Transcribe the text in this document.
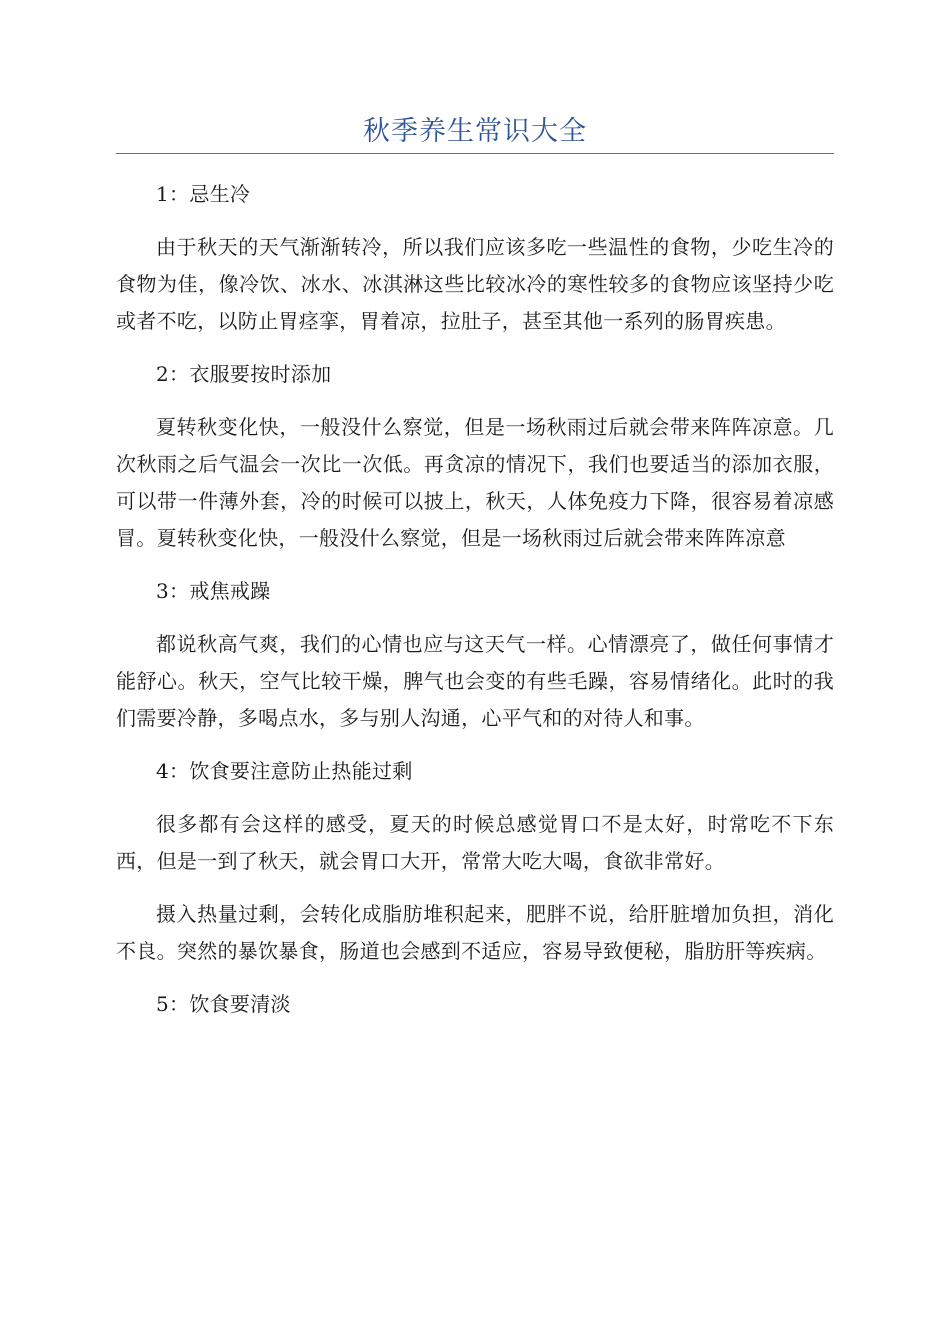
秋季养生常识大全

1：忌生冷

由于秋天的天气渐渐转冷，所以我们应该多吃一些温性的食物，少吃生冷的食物为佳，像冷饮、冰水、冰淇淋这些比较冰冷的寒性较多的食物应该坚持少吃或者不吃，以防止胃痉挛，胃着凉，拉肚子，甚至其他一系列的肠胃疾患。

2：衣服要按时添加

夏转秋变化快，一般没什么察觉，但是一场秋雨过后就会带来阵阵凉意。几次秋雨之后气温会一次比一次低。再贪凉的情况下，我们也要适当的添加衣服，可以带一件薄外套，冷的时候可以披上，秋天，人体免疫力下降，很容易着凉感冒。夏转秋变化快，一般没什么察觉，但是一场秋雨过后就会带来阵阵凉意

3：戒焦戒躁

都说秋高气爽，我们的心情也应与这天气一样。心情漂亮了，做任何事情才能舒心。秋天，空气比较干燥，脾气也会变的有些毛躁，容易情绪化。此时的我们需要冷静，多喝点水，多与别人沟通，心平气和的对待人和事。

4：饮食要注意防止热能过剩

很多都有会这样的感受，夏天的时候总感觉胃口不是太好，时常吃不下东西，但是一到了秋天，就会胃口大开，常常大吃大喝，食欲非常好。

摄入热量过剩，会转化成脂肪堆积起来，肥胖不说，给肝脏增加负担，消化不良。突然的暴饮暴食，肠道也会感到不适应，容易导致便秘，脂肪肝等疾病。

5：饮食要清淡
